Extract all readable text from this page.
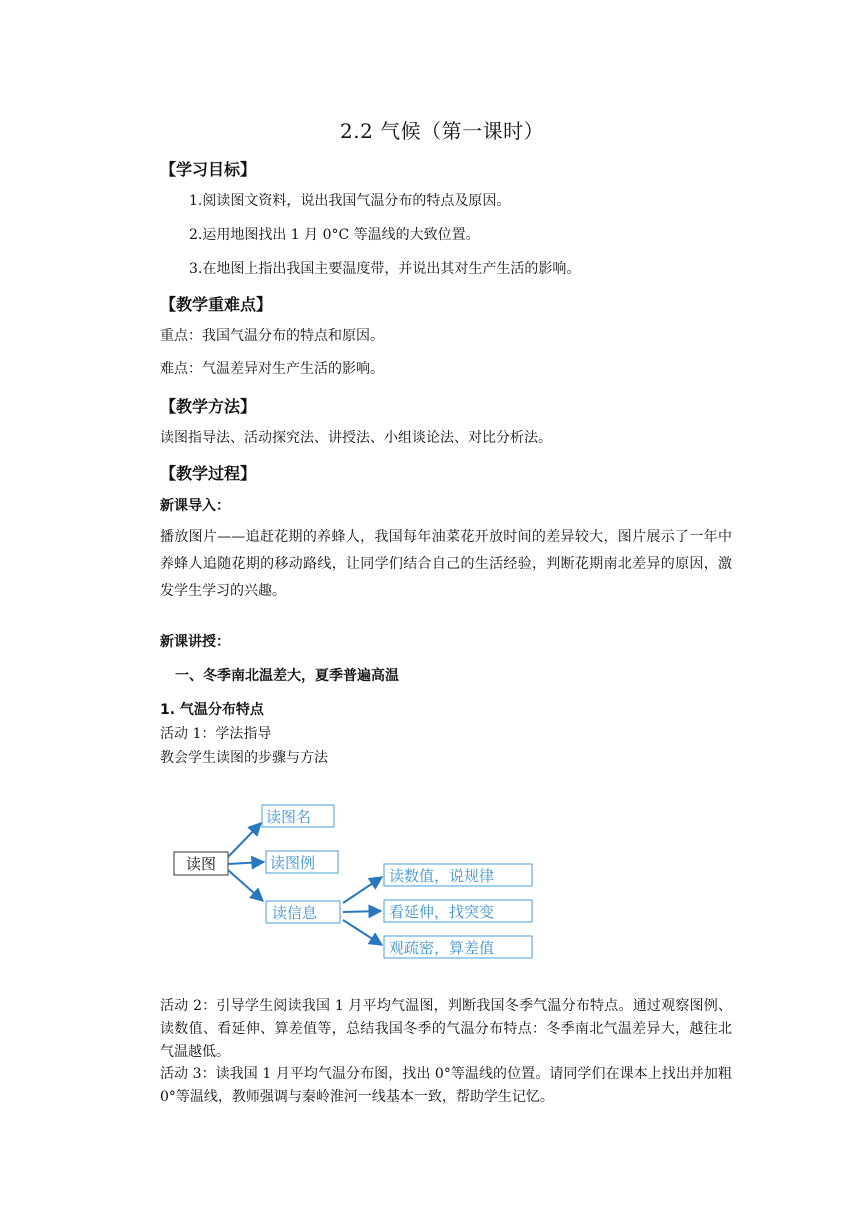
2.2 气候（第一课时）
【学习目标】
1.阅读图文资料，说出我国气温分布的特点及原因。
2.运用地图找出 1 月 0°C 等温线的大致位置。
3.在地图上指出我国主要温度带，并说出其对生产生活的影响。
【教学重难点】
重点：我国气温分布的特点和原因。
难点：气温差异对生产生活的影响。
【教学方法】
读图指导法、活动探究法、讲授法、小组谈论法、对比分析法。
【教学过程】
新课导入：
播放图片——追赶花期的养蜂人，我国每年油菜花开放时间的差异较大，图片展示了一年中养蜂人追随花期的移动路线，让同学们结合自己的生活经验，判断花期南北差异的原因，激发学生学习的兴趣。
新课讲授：
一、冬季南北温差大，夏季普遍高温
1. 气温分布特点
活动 1：学法指导
教会学生读图的步骤与方法
读图
读图名
读图例
读信息
读数值，说规律
看延伸，找突变
观疏密，算差值
活动 2：引导学生阅读我国 1 月平均气温图，判断我国冬季气温分布特点。通过观察图例、读数值、看延伸、算差值等，总结我国冬季的气温分布特点：冬季南北气温差异大，越往北气温越低。
活动 3：读我国 1 月平均气温分布图，找出 0°等温线的位置。请同学们在课本上找出并加粗 0°等温线，教师强调与秦岭淮河一线基本一致，帮助学生记忆。
